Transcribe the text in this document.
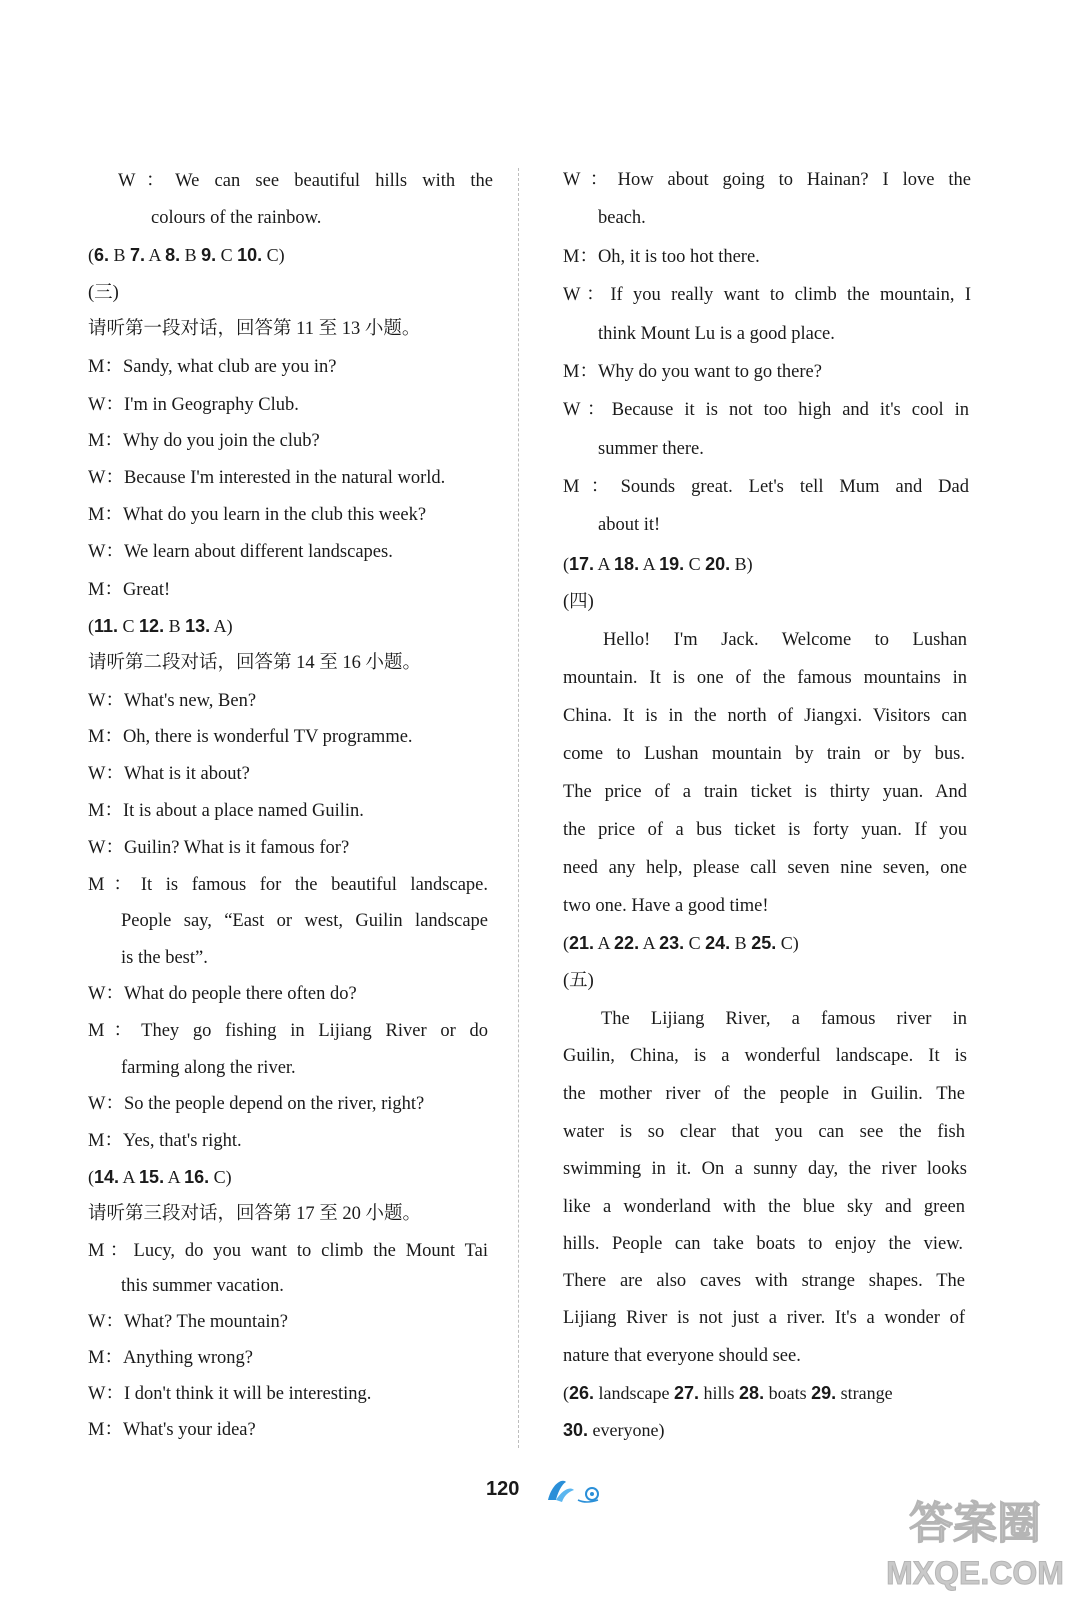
W：We can see beautiful hills with the
colours of the rainbow.
(6. B 7. A 8. B 9. C 10. C)
(三)
请听第一段对话，回答第 11 至 13 小题。
M：Sandy, what club are you in?
W：I'm in Geography Club.
M：Why do you join the club?
W：Because I'm interested in the natural world.
M：What do you learn in the club this week?
W：We learn about different landscapes.
M：Great!
(11. C 12. B 13. A)
请听第二段对话，回答第 14 至 16 小题。
W：What's new, Ben?
M：Oh, there is wonderful TV programme.
W：What is it about?
M：It is about a place named Guilin.
W：Guilin? What is it famous for?
M：It is famous for the beautiful landscape.
People say, “East or west, Guilin landscape
is the best”.
W：What do people there often do?
M：They go fishing in Lijiang River or do
farming along the river.
W：So the people depend on the river, right?
M：Yes, that's right.
(14. A 15. A 16. C)
请听第三段对话，回答第 17 至 20 小题。
M：Lucy, do you want to climb the Mount Tai
this summer vacation.
W：What? The mountain?
M：Anything wrong?
W：I don't think it will be interesting.
M：What's your idea?
W：How about going to Hainan? I love the
beach.
M：Oh, it is too hot there.
W：If you really want to climb the mountain, I
think Mount Lu is a good place.
M：Why do you want to go there?
W：Because it is not too high and it's cool in
summer there.
M：Sounds great. Let's tell Mum and Dad
about it!
(17. A 18. A 19. C 20. B)
(四)
Hello! I'm Jack. Welcome to Lushan
mountain. It is one of the famous mountains in
China. It is in the north of Jiangxi. Visitors can
come to Lushan mountain by train or by bus.
The price of a train ticket is thirty yuan. And
the price of a bus ticket is forty yuan. If you
need any help, please call seven nine seven, one
two one. Have a good time!
(21. A 22. A 23. C 24. B 25. C)
(五)
The Lijiang River, a famous river in
Guilin, China, is a wonderful landscape. It is
the mother river of the people in Guilin. The
water is so clear that you can see the fish
swimming in it. On a sunny day, the river looks
like a wonderland with the blue sky and green
hills. People can take boats to enjoy the view.
There are also caves with strange shapes. The
Lijiang River is not just a river. It's a wonder of
nature that everyone should see.
(26. landscape 27. hills 28. boats 29. strange
30. everyone)
120
答案圈
MXQE.COM
